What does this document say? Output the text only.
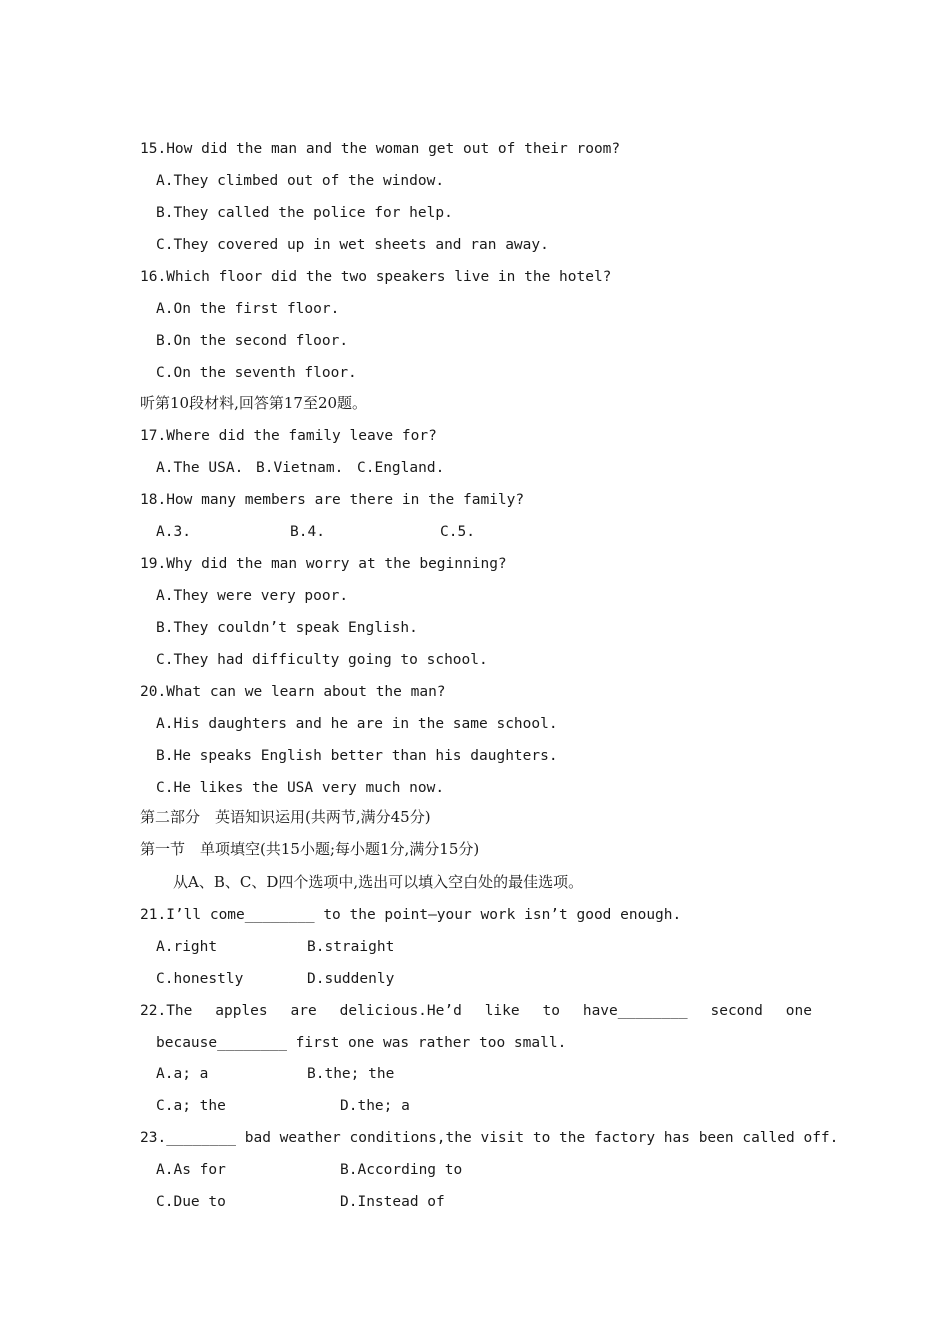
15.How did the man and the woman get out of their room?
A.They climbed out of the window.
B.They called the police for help.
C.They covered up in wet sheets and ran away.
16.Which floor did the two speakers live in the hotel?
A.On the first floor.
B.On the second floor.
C.On the seventh floor.
听第10段材料,回答第17至20题。
17.Where did the family leave for?
A.The USA. B.Vietnam. C.England.
18.How many members are there in the family?
A.3.	B.4.	C.5.
19.Why did the man worry at the beginning?
A.They were very poor.
B.They couldn’t speak English.
C.They had difficulty going to school.
20.What can we learn about the man?
A.His daughters and he are in the same school.
B.He speaks English better than his daughters.
C.He likes the USA very much now.
第二部分　英语知识运用(共两节,满分45分)
第一节　单项填空(共15小题;每小题1分,满分15分)
从A、B、C、D四个选项中,选出可以填入空白处的最佳选项。
21.I’ll come________ to the point—your work isn’t good enough.
A.right	B.straight
C.honestly	D.suddenly
22.The apples are delicious.He’d like to have________ second one
because________ first one was rather too small.
A.a; a	B.the; the
C.a; the	D.the; a
23.________ bad weather conditions,the visit to the factory has been called off.
A.As for	B.According to
C.Due to	D.Instead of
